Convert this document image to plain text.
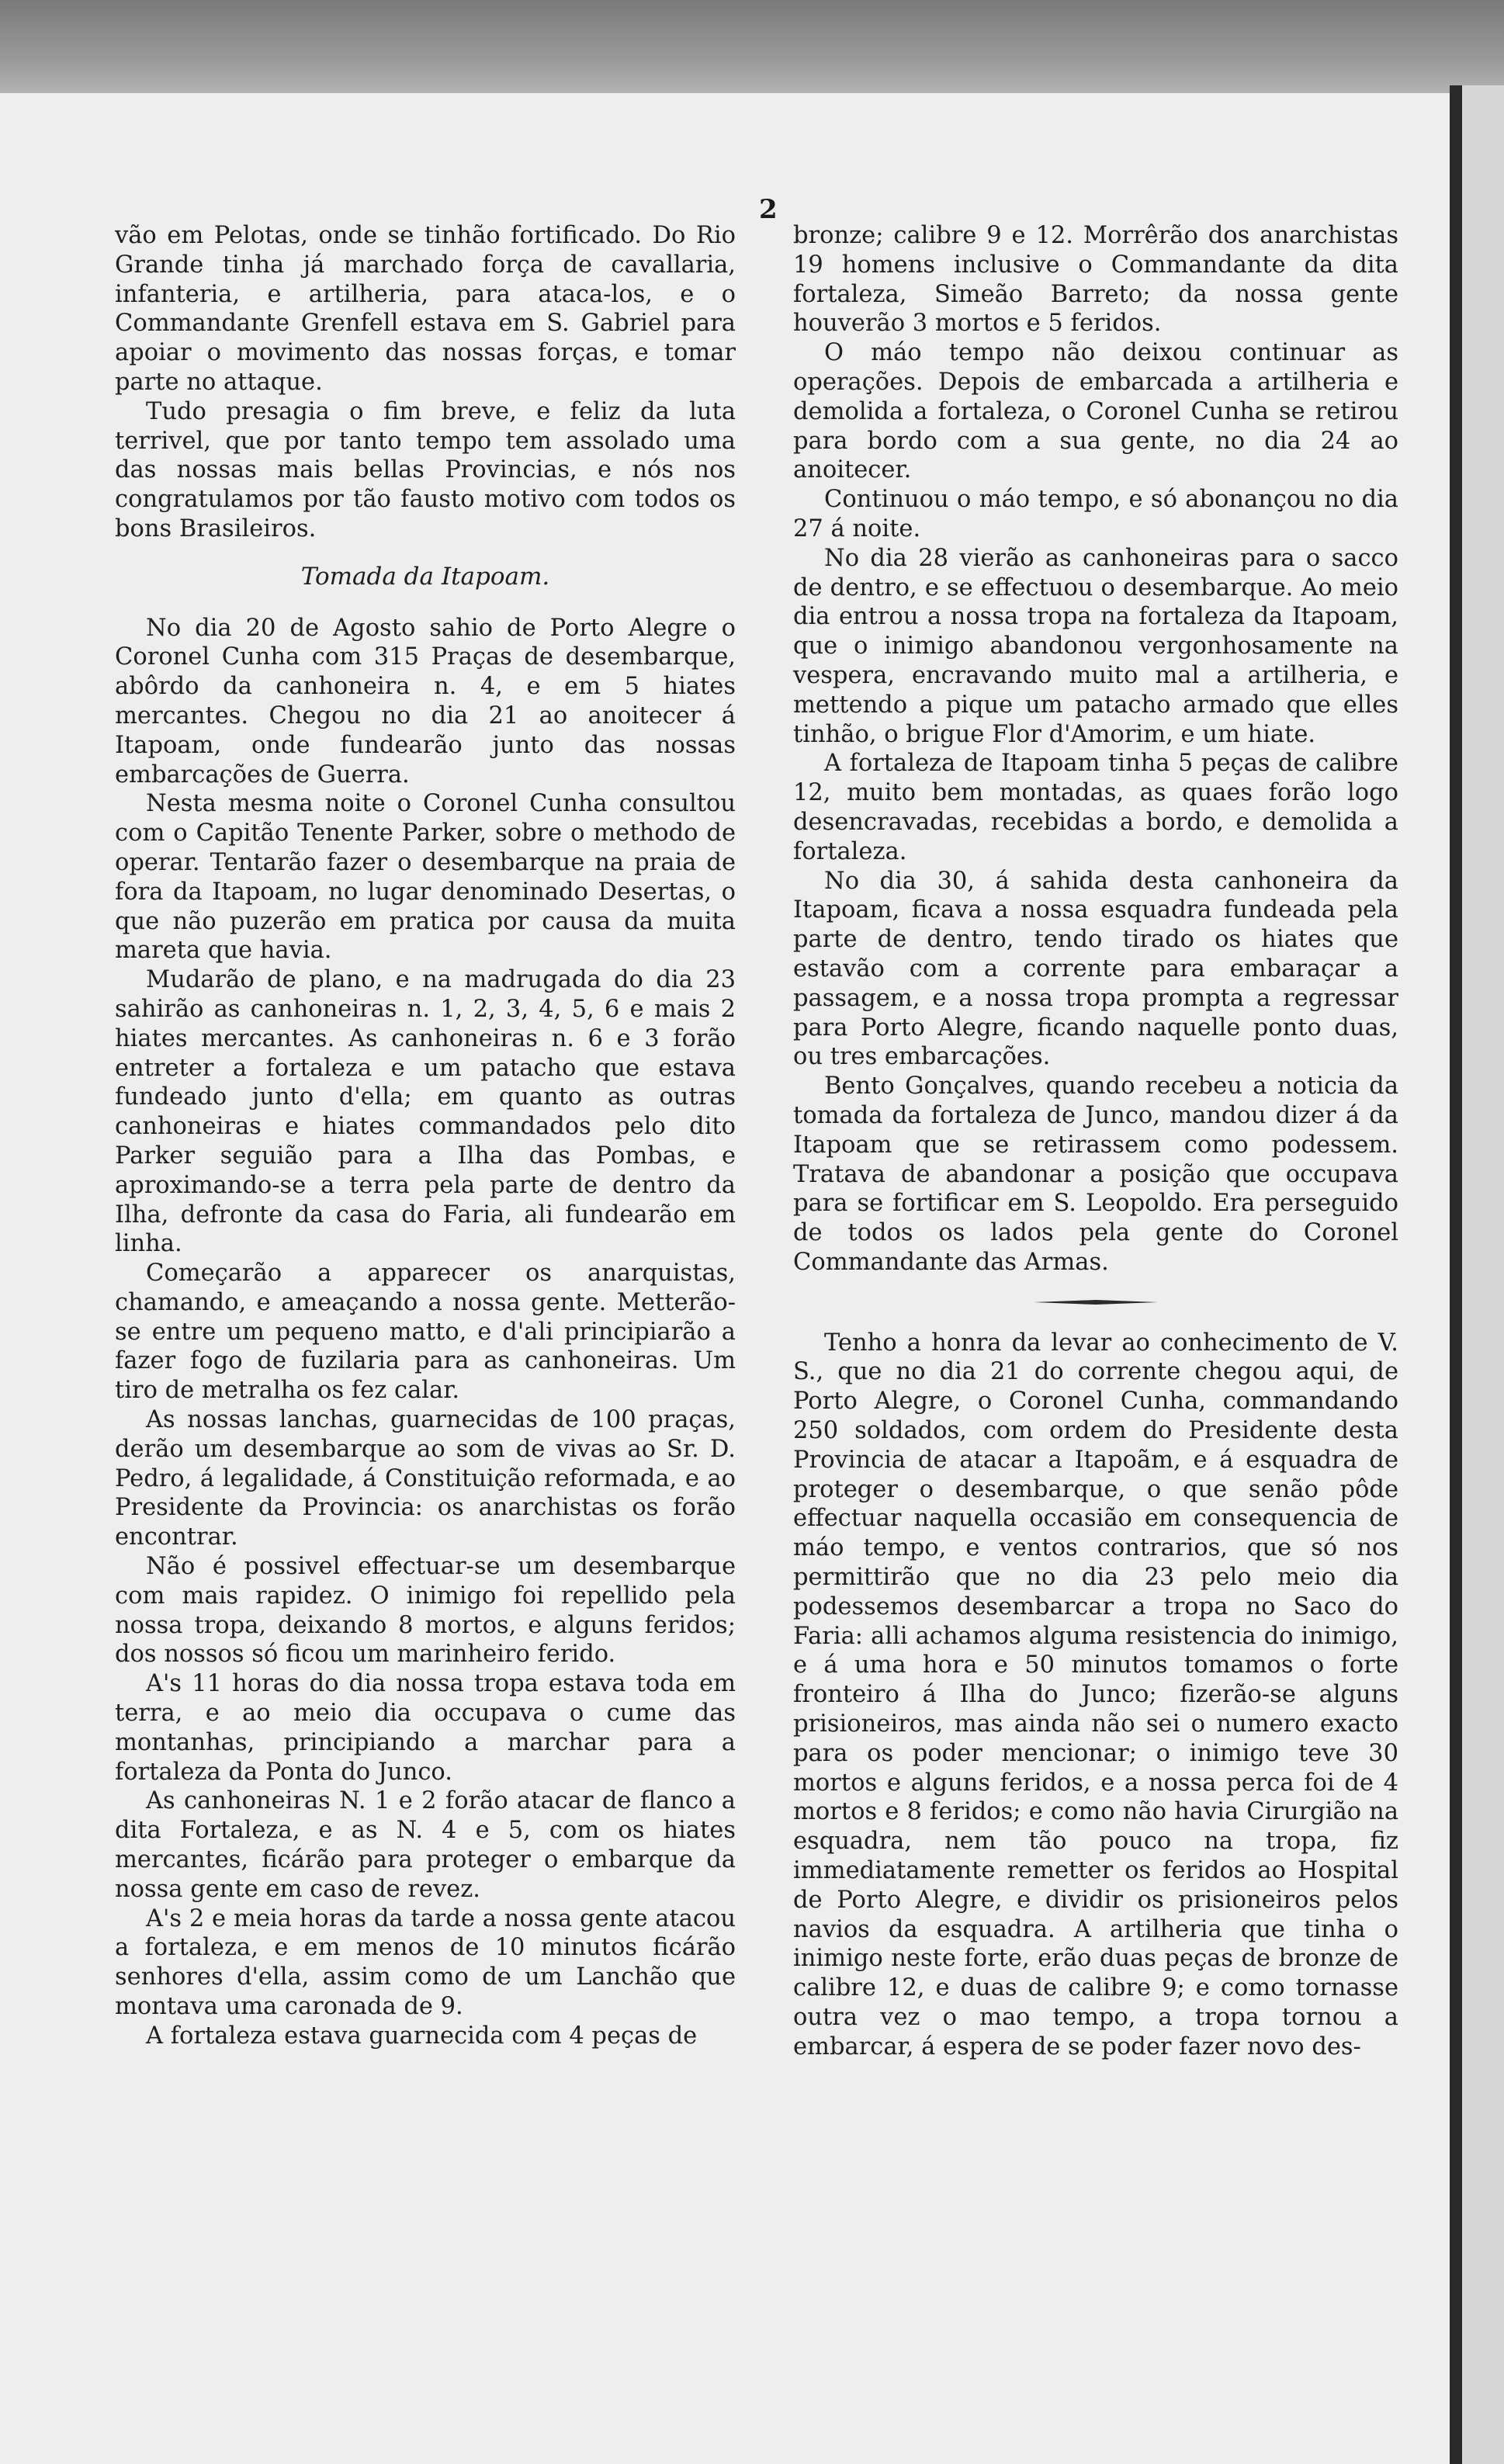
2

vão em Pelotas, onde se tinhão fortificado. Do Rio Grande tinha já marchado força de cavallaria, infanteria, e artilheria, para ataca-los, e o Commandante Grenfell estava em S. Gabriel para apoiar o movimento das nossas forças, e tomar parte no attaque.

Tudo presagia o fim breve, e feliz da luta terrivel, que por tanto tempo tem assolado uma das nossas mais bellas Provincias, e nós nos congratulamos por tão fausto motivo com todos os bons Brasileiros.

Tomada da Itapoam.

No dia 20 de Agosto sahio de Porto Alegre o Coronel Cunha com 315 Praças de desembarque, abôrdo da canhoneira n. 4, e em 5 hiates mercantes. Chegou no dia 21 ao anoitecer á Itapoam, onde fundearão junto das nossas embarcações de Guerra.

Nesta mesma noite o Coronel Cunha consultou com o Capitão Tenente Parker, sobre o methodo de operar. Tentarão fazer o desembarque na praia de fora da Itapoam, no lugar denominado Desertas, o que não puzerão em pratica por causa da muita mareta que havia.

Mudarão de plano, e na madrugada do dia 23 sahirão as canhoneiras n. 1, 2, 3, 4, 5, 6 e mais 2 hiates mercantes. As canhoneiras n. 6 e 3 forão entreter a fortaleza e um patacho que estava fundeado junto d'ella; em quanto as outras canhoneiras e hiates commandados pelo dito Parker seguião para a Ilha das Pombas, e aproximando-se a terra pela parte de dentro da Ilha, defronte da casa do Faria, ali fundearão em linha.

Começarão a apparecer os anarquistas, chamando, e ameaçando a nossa gente. Metterão-se entre um pequeno matto, e d'ali principiarão a fazer fogo de fuzilaria para as canhoneiras. Um tiro de metralha os fez calar.

As nossas lanchas, guarnecidas de 100 praças, derão um desembarque ao som de vivas ao Sr. D. Pedro, á legalidade, á Constituição reformada, e ao Presidente da Provincia: os anarchistas os forão encontrar.

Não é possivel effectuar-se um desembarque com mais rapidez. O inimigo foi repellido pela nossa tropa, deixando 8 mortos, e alguns feridos; dos nossos só ficou um marinheiro ferido.

A's 11 horas do dia nossa tropa estava toda em terra, e ao meio dia occupava o cume das montanhas, principiando a marchar para a fortaleza da Ponta do Junco.

As canhoneiras N. 1 e 2 forão atacar de flanco a dita Fortaleza, e as N. 4 e 5, com os hiates mercantes, ficárão para proteger o embarque da nossa gente em caso de revez.

A's 2 e meia horas da tarde a nossa gente atacou a fortaleza, e em menos de 10 minutos ficárão senhores d'ella, assim como de um Lanchão que montava uma caronada de 9.

A fortaleza estava guarnecida com 4 peças de

bronze; calibre 9 e 12. Morrêrão dos anarchistas 19 homens inclusive o Commandante da dita fortaleza, Simeão Barreto; da nossa gente houverão 3 mortos e 5 feridos.

O máo tempo não deixou continuar as operações. Depois de embarcada a artilheria e demolida a fortaleza, o Coronel Cunha se retirou para bordo com a sua gente, no dia 24 ao anoitecer.

Continuou o máo tempo, e só abonançou no dia 27 á noite.

No dia 28 vierão as canhoneiras para o sacco de dentro, e se effectuou o desembarque. Ao meio dia entrou a nossa tropa na fortaleza da Itapoam, que o inimigo abandonou vergonhosamente na vespera, encravando muito mal a artilheria, e mettendo a pique um patacho armado que elles tinhão, o brigue Flor d'Amorim, e um hiate.

A fortaleza de Itapoam tinha 5 peças de calibre 12, muito bem montadas, as quaes forão logo desencravadas, recebidas a bordo, e demolida a fortaleza.

No dia 30, á sahida desta canhoneira da Itapoam, ficava a nossa esquadra fundeada pela parte de dentro, tendo tirado os hiates que estavão com a corrente para embaraçar a passagem, e a nossa tropa prompta a regressar para Porto Alegre, ficando naquelle ponto duas, ou tres embarcações.

Bento Gonçalves, quando recebeu a noticia da tomada da fortaleza de Junco, mandou dizer á da Itapoam que se retirassem como podessem. Tratava de abandonar a posição que occupava para se fortificar em S. Leopoldo. Era perseguido de todos os lados pela gente do Coronel Commandante das Armas.

Tenho a honra da levar ao conhecimento de V. S., que no dia 21 do corrente chegou aqui, de Porto Alegre, o Coronel Cunha, commandando 250 soldados, com ordem do Presidente desta Provincia de atacar a Itapoãm, e á esquadra de proteger o desembarque, o que senão pôde effectuar naquella occasião em consequencia de máo tempo, e ventos contrarios, que só nos permittirão que no dia 23 pelo meio dia podessemos desembarcar a tropa no Saco do Faria: alli achamos alguma resistencia do inimigo, e á uma hora e 50 minutos tomamos o forte fronteiro á Ilha do Junco; fizerão-se alguns prisioneiros, mas ainda não sei o numero exacto para os poder mencionar; o inimigo teve 30 mortos e alguns feridos, e a nossa perca foi de 4 mortos e 8 feridos; e como não havia Cirurgião na esquadra, nem tão pouco na tropa, fiz immediatamente remetter os feridos ao Hospital de Porto Alegre, e dividir os prisioneiros pelos navios da esquadra. A artilheria que tinha o inimigo neste forte, erão duas peças de bronze de calibre 12, e duas de calibre 9; e como tornasse outra vez o mao tempo, a tropa tornou a embarcar, á espera de se poder fazer novo des-
